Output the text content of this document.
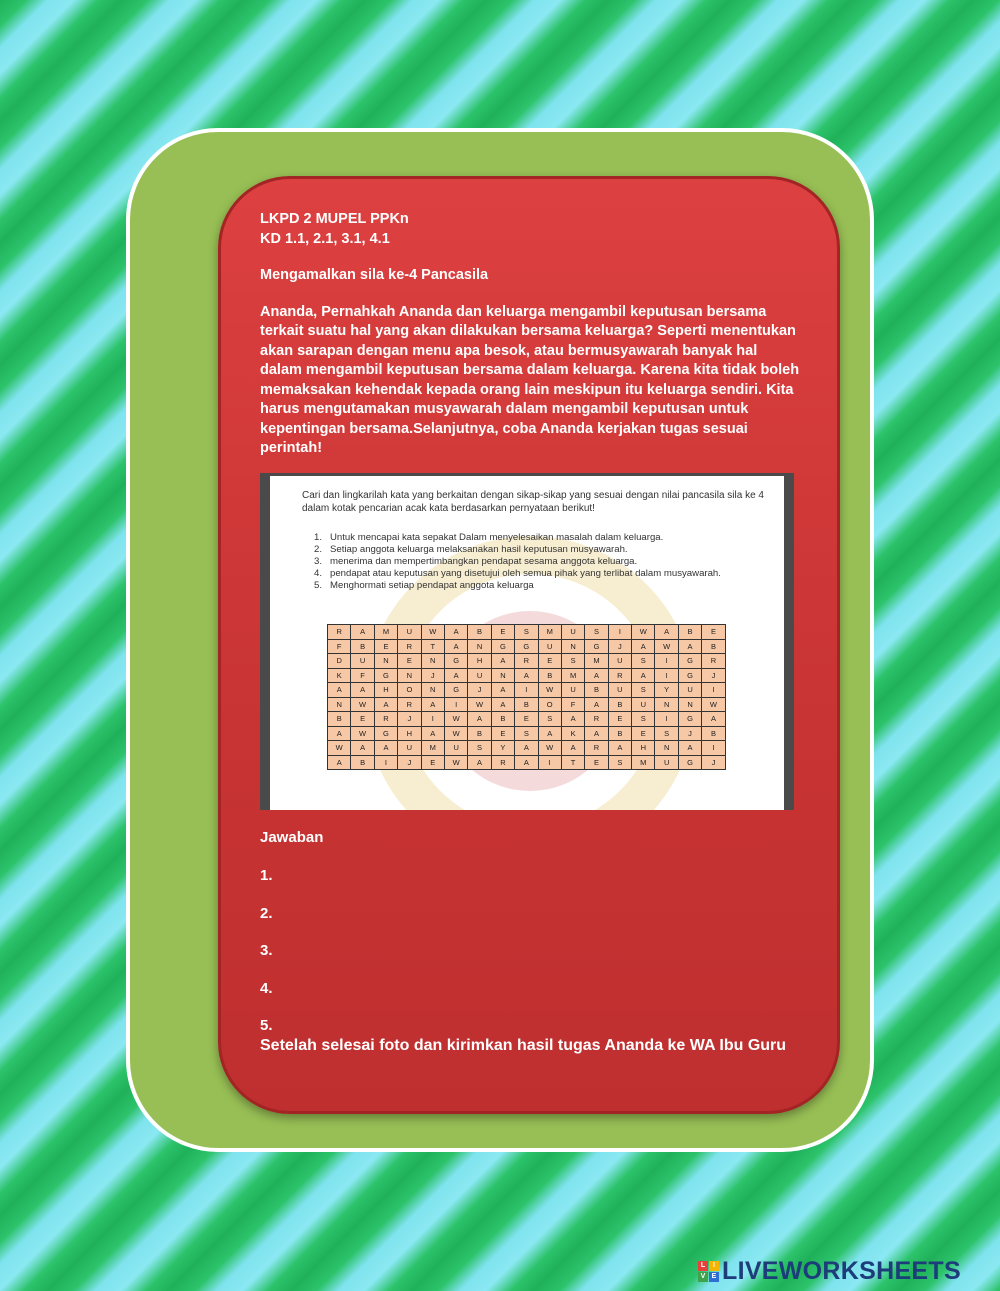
LKPD 2 MUPEL PPKn

KD 1.1, 2.1, 3.1, 4.1

Mengamalkan sila ke-4 Pancasila

Ananda, Pernahkah Ananda dan keluarga mengambil keputusan bersama terkait suatu hal yang akan dilakukan bersama keluarga? Seperti menentukan akan sarapan dengan menu apa besok, atau bermusyawarah banyak hal dalam mengambil keputusan bersama dalam keluarga. Karena kita tidak boleh memaksakan kehendak kepada orang lain meskipun itu keluarga sendiri. Kita harus mengutamakan musyawarah dalam mengambil keputusan untuk kepentingan bersama.Selanjutnya, coba Ananda kerjakan tugas sesuai perintah!

Cari dan lingkarilah kata yang berkaitan dengan sikap-sikap yang sesuai dengan nilai pancasila sila ke 4 dalam kotak pencarian acak kata berdasarkan pernyataan berikut!
1. Untuk mencapai kata sepakat Dalam menyelesaikan masalah dalam keluarga.
2. Setiap anggota keluarga melaksanakan hasil keputusan musyawarah.
3. menerima dan mempertimbangkan pendapat sesama anggota keluarga.
4. pendapat atau keputusan yang disetujui oleh semua pihak yang terlibat dalam musyawarah.
5. Menghormati setiap pendapat anggota keluarga
R	A	M	U	W	A	B	E	S	M	U	S	I	W	A	B	E
F	B	E	R	T	A	N	G	G	U	N	G	J	A	W	A	B
D	U	N	E	N	G	H	A	R	E	S	M	U	S	I	G	R
K	F	G	N	J	A	U	N	A	B	M	A	R	A	I	G	J
A	A	H	O	N	G	J	A	I	W	U	B	U	S	Y	U	I
N	W	A	R	A	I	W	A	B	O	F	A	B	U	N	N	W
B	E	R	J	I	W	A	B	E	S	A	R	E	S	I	G	A
A	W	G	H	A	W	B	E	S	A	K	A	B	E	S	J	B
W	A	A	U	M	U	S	Y	A	W	A	R	A	H	N	A	I
A	B	I	J	E	W	A	R	A	I	T	E	S	M	U	G	J
Jawaban
1.
2.
3.
4.
5.
Setelah selesai foto dan kirimkan hasil tugas Ananda ke WA Ibu Guru
L	I
V E LIVEWORKSHEETS
